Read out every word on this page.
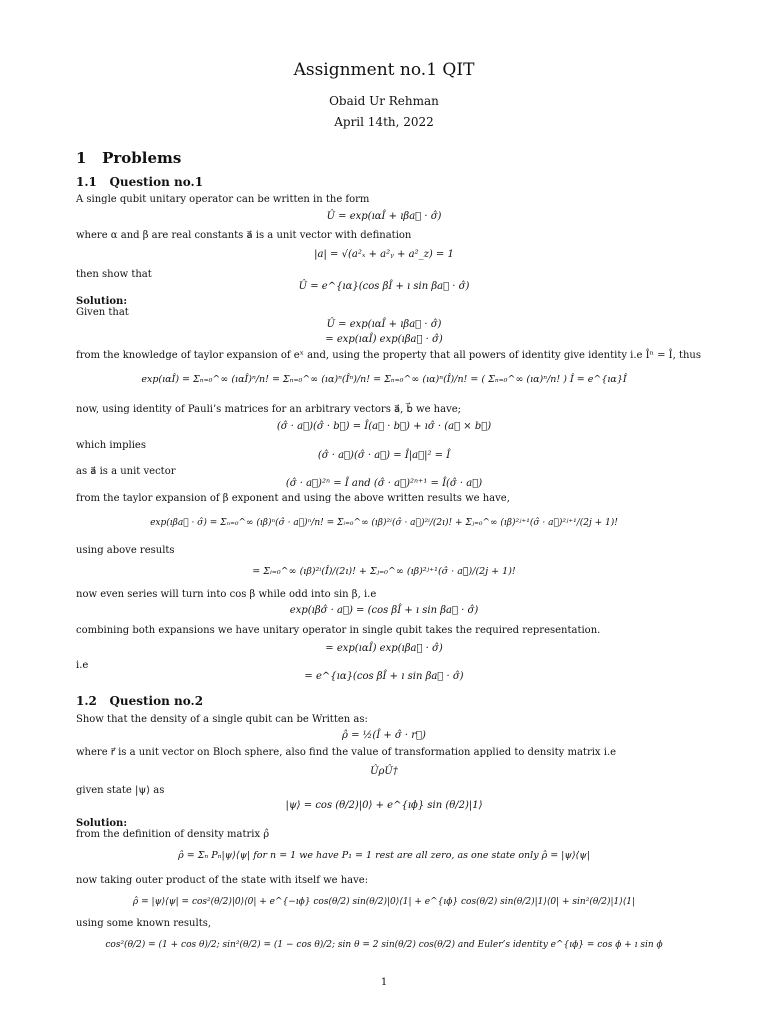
Assignment no.1 QIT
Obaid Ur Rehman
April 14th, 2022
1 Problems
1.1 Question no.1
A single qubit unitary operator can be written in the form
Û = exp(ıαÎ + ıβa⃗ · σ̂)
where α and β are real constants a⃗ is a unit vector with defination
|a| = √(a²ₓ + a²ᵧ + a²_z) = 1
then show that
Û = e^{ıα}(cos βÎ + ı sin βa⃗ · σ̂)
Solution:
Given that
Û = exp(ıαÎ + ıβa⃗ · σ̂)
= exp(ıαÎ) exp(ıβa⃗ · σ̂)
from the knowledge of taylor expansion of eˣ and, using the property that all powers of identity give identity i.e Îⁿ = Î, thus
exp(ıαÎ) = Σₙ₌₀^∞ (ıαÎ)ⁿ/n! = Σₙ₌₀^∞ (ıα)ⁿ(Îⁿ)/n! = Σₙ₌₀^∞ (ıα)ⁿ(Î)/n! = ( Σₙ₌₀^∞ (ıα)ⁿ/n! ) Î = e^{ıα}Î
now, using identity of Pauli’s matrices for an arbitrary vectors a⃗, b⃗ we have;
(σ̂ · a⃗)(σ̂ · b⃗) = Î(a⃗ · b⃗) + ıσ̂ · (a⃗ × b⃗)
which implies
(σ̂ · a⃗)(σ̂ · a⃗) = Î|a⃗|² = Î
as a⃗ is a unit vector
(σ̂ · a⃗)²ⁿ = Î and (σ̂ · a⃗)²ⁿ⁺¹ = Î(σ̂ · a⃗)
from the taylor expansion of β exponent and using the above written results we have,
exp(ıβa⃗ · σ̂) = Σₙ₌₀^∞ (ıβ)ⁿ(σ̂ · a⃗)ⁿ/n! = Σᵢ₌₀^∞ (ıβ)²ⁱ(σ̂ · a⃗)²ⁱ/(2ı)! + Σⱼ₌₀^∞ (ıβ)²ʲ⁺¹(σ̂ · a⃗)²ʲ⁺¹/(2j + 1)!
using above results
= Σᵢ₌₀^∞ (ıβ)²ⁱ(Î)/(2ı)! + Σⱼ₌₀^∞ (ıβ)²ʲ⁺¹(σ̂ · a⃗)/(2j + 1)!
now even series will turn into cos β while odd into sin β, i.e
exp(ıβσ̂ · a⃗) = (cos βÎ + ı sin βa⃗ · σ̂)
combining both expansions we have unitary operator in single qubit takes the required representation.
= exp(ıαÎ) exp(ıβa⃗ · σ̂)
i.e
= e^{ıα}(cos βÎ + ı sin βa⃗ · σ̂)
1.2 Question no.2
Show that the density of a single qubit can be Written as:
ρ̂ = ½(Î + σ̂ · r⃗)
where r⃗ is a unit vector on Bloch sphere, also find the value of transformation applied to density matrix i.e
ÛρÛ†
given state |ψ⟩ as
|ψ⟩ = cos (θ/2)|0⟩ + e^{ıϕ} sin (θ/2)|1⟩
Solution:
from the definition of density matrix ρ̂
ρ̂ = Σₙ Pₙ|ψ⟩⟨ψ| for n = 1 we have P₁ = 1 rest are all zero, as one state only ρ̂ = |ψ⟩⟨ψ|
now taking outer product of the state with itself we have:
ρ̂ = |ψ⟩⟨ψ| = cos²(θ/2)|0⟩⟨0| + e^{−ıϕ} cos(θ/2) sin(θ/2)|0⟩⟨1| + e^{ıϕ} cos(θ/2) sin(θ/2)|1⟩⟨0| + sin²(θ/2)|1⟩⟨1|
using some known results,
cos²(θ/2) = (1 + cos θ)/2; sin²(θ/2) = (1 − cos θ)/2; sin θ = 2 sin(θ/2) cos(θ/2) and Euler’s identity e^{ıϕ} = cos ϕ + ı sin ϕ
1
